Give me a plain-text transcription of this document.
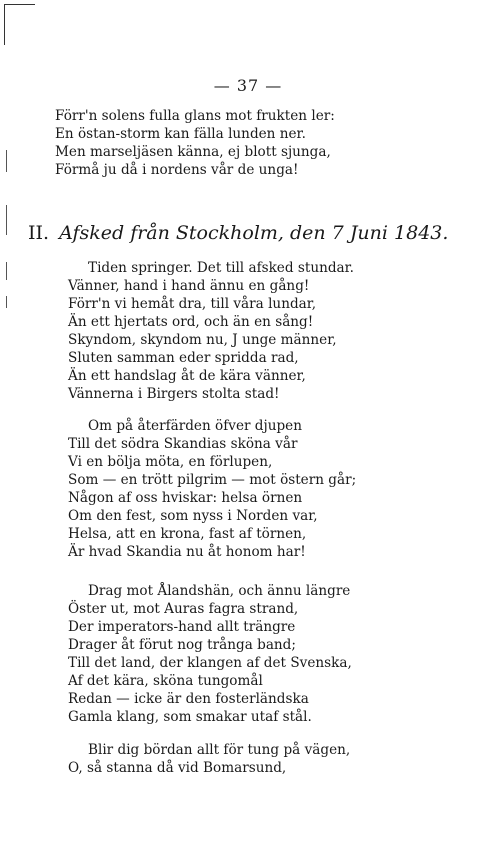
— 37 —
Förr'n solens fulla glans mot frukten ler:
En östan-storm kan fälla lunden ner.
Men marseljäsen känna, ej blott sjunga,
Förmå ju då i nordens vår de unga!
II. Afsked från Stockholm, den 7 Juni 1843.
Tiden springer. Det till afsked stundar.
Vänner, hand i hand ännu en gång!
Förr'n vi hemåt dra, till våra lundar,
Än ett hjertats ord, och än en sång!
Skyndom, skyndom nu, J unge männer,
Sluten samman eder spridda rad,
Än ett handslag åt de kära vänner,
Vännerna i Birgers stolta stad!
Om på återfärden öfver djupen
Till det södra Skandias sköna vår
Vi en bölja möta, en förlupen,
Som — en trött pilgrim — mot östern går;
Någon af oss hviskar: helsa örnen
Om den fest, som nyss i Norden var,
Helsa, att en krona, fast af törnen,
Är hvad Skandia nu åt honom har!
Drag mot Ålandshän, och ännu längre
Öster ut, mot Auras fagra strand,
Der imperators-hand allt trängre
Drager åt förut nog trånga band;
Till det land, der klangen af det Svenska,
Af det kära, sköna tungomål
Redan — icke är den fosterländska
Gamla klang, som smakar utaf stål.
Blir dig bördan allt för tung på vägen,
O, så stanna då vid Bomarsund,
